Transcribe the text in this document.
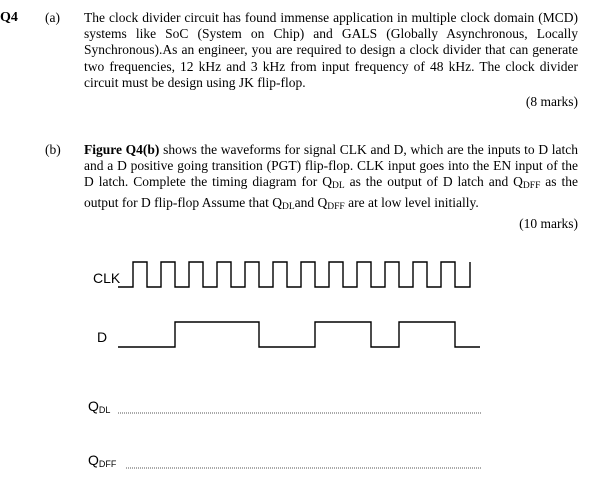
Q4 (a) The clock divider circuit has found immense application in multiple clock domain (MCD) systems like SoC (System on Chip) and GALS (Globally Asynchronous, Locally Synchronous).As an engineer, you are required to design a clock divider that can generate two frequencies, 12 kHz and 3 kHz from input frequency of 48 kHz. The clock divider circuit must be design using JK flip-flop.
(8 marks)
(b) Figure Q4(b) shows the waveforms for signal CLK and D, which are the inputs to D latch and a D positive going transition (PGT) flip-flop. CLK input goes into the EN input of the D latch. Complete the timing diagram for $Q_{DL}$ as the output of D latch and $Q_{DFF}$ as the output for D flip-flop Assume that $Q_{DL}and$ $Q_{DFF}$ are at low level initially.
(10 marks)
CLK
D
QDL
QDFF
